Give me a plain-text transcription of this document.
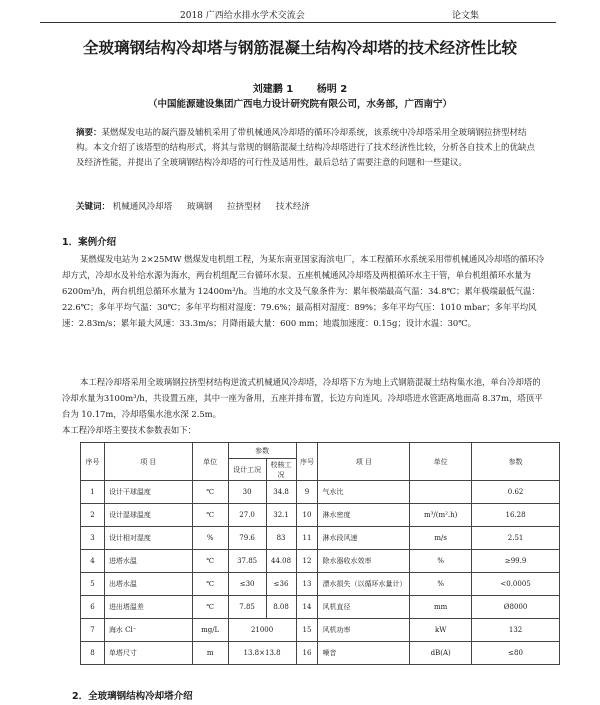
2018 广西给水排水学术交流会	论文集
全玻璃钢结构冷却塔与钢筋混凝土结构冷却塔的技术经济性比较
刘建鹏 1 杨明 2
（中国能源建设集团广西电力设计研究院有限公司，水务部，广西南宁）
摘要：某燃煤发电站的凝汽器及辅机采用了带机械通风冷却塔的循环冷却系统，该系统中冷却塔采用全玻璃钢拉挤型材结构。本文介绍了该塔型的结构形式，将其与常规的钢筋混凝土结构冷却塔进行了技术经济性比较，分析各自技术上的优缺点及经济性能，并提出了全玻璃钢结构冷却塔的可行性及适用性，最后总结了需要注意的问题和一些建议。
关键词： 机械通风冷却塔 玻璃钢 拉挤型材 技术经济
1．案例介绍
某燃煤发电站为 2×25MW 燃煤发电机组工程，为某东南亚国家海滨电厂，本工程循环水系统采用带机械通风冷却塔的循环冷却方式，冷却水及补给水源为海水，两台机组配三台循环水泵、五座机械通风冷却塔及两根循环水主干管，单台机组循环水量为 6200m³/h，两台机组总循环水量为 12400m³/h。当地的水文及气象条件为：累年极端最高气温：34.8℃；累年极端最低气温：22.6℃；多年平均气温：30℃；多年平均相对湿度：79.6%；最高相对湿度：89%；多年平均气压：1010 mbar；多年平均风速：2.83m/s；累年最大风速：33.3m/s；月降雨最大量：600 mm；地震加速度：0.15g；设计水温：30℃。
本工程冷却塔采用全玻璃钢拉挤型材结构逆流式机械通风冷却塔，冷却塔下方为地上式钢筋混凝土结构集水池，单台冷却塔的冷却水量为3100m³/h，共设置五座，其中一座为备用，五座并排布置，长边方向连风。冷却塔进水管距离地面高 8.37m，塔顶平台为 10.17m，冷却塔集水池水深 2.5m。
本工程冷却塔主要技术参数表如下：
序号	项 目	单位	参数		序号	项 目	单位	参数
			设计工况	校核工况				
1	设计干球温度	℃	30	34.8	9	气水比		0.62
2	设计湿球温度	℃	27.0	32.1	10	淋水密度	m³/(m².h)	16.28
3	设计相对湿度	%	79.6	83	11	淋水段风速	m/s	2.51
4	进塔水温	℃	37.85	44.08	12	除水器收水效率	%	≥99.9
5	出塔水温	℃	≤30	≤36	13	漂水损失（以循环水量计）	%	<0.0005
6	进出塔温差	℃	7.85	8.08	14	风机直径	mm	Ø8000
7	海水 Cl⁻	mg/L	21000		15	风机功率	kW	132
8	单塔尺寸	m	13.8×13.8		16	噪音	dB(A)	≤80
2．全玻璃钢结构冷却塔介绍
